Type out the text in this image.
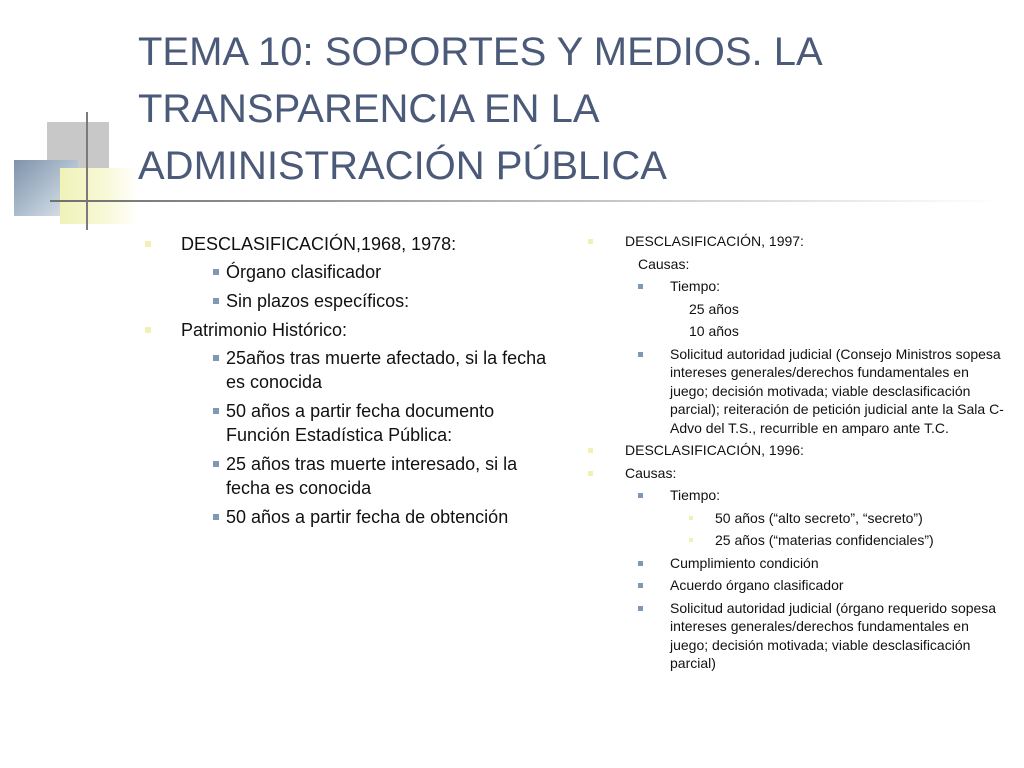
TEMA 10: SOPORTES Y MEDIOS. LA
TRANSPARENCIA EN LA
ADMINISTRACIÓN PÚBLICA
DESCLASIFICACIÓN,1968, 1978:
Órgano clasificador
Sin plazos específicos:
Patrimonio Histórico:
25años tras muerte afectado, si la fecha es conocida
50 años a partir fecha documento Función Estadística Pública:
25 años tras muerte interesado, si la fecha es conocida
50 años a partir fecha de obtención
DESCLASIFICACIÓN, 1997:
Causas:
Tiempo:
25 años
10 años
Solicitud autoridad judicial (Consejo Ministros sopesa intereses generales/derechos fundamentales en juego; decisión motivada; viable desclasificación parcial); reiteración de petición judicial ante la Sala C-Advo del T.S., recurrible en amparo ante T.C.
DESCLASIFICACIÓN, 1996:
Causas:
Tiempo:
50 años (“alto secreto”, “secreto”)
25 años (“materias confidenciales”)
Cumplimiento condición
Acuerdo órgano clasificador
Solicitud autoridad judicial (órgano requerido sopesa intereses generales/derechos fundamentales en juego; decisión motivada; viable desclasificación parcial)
